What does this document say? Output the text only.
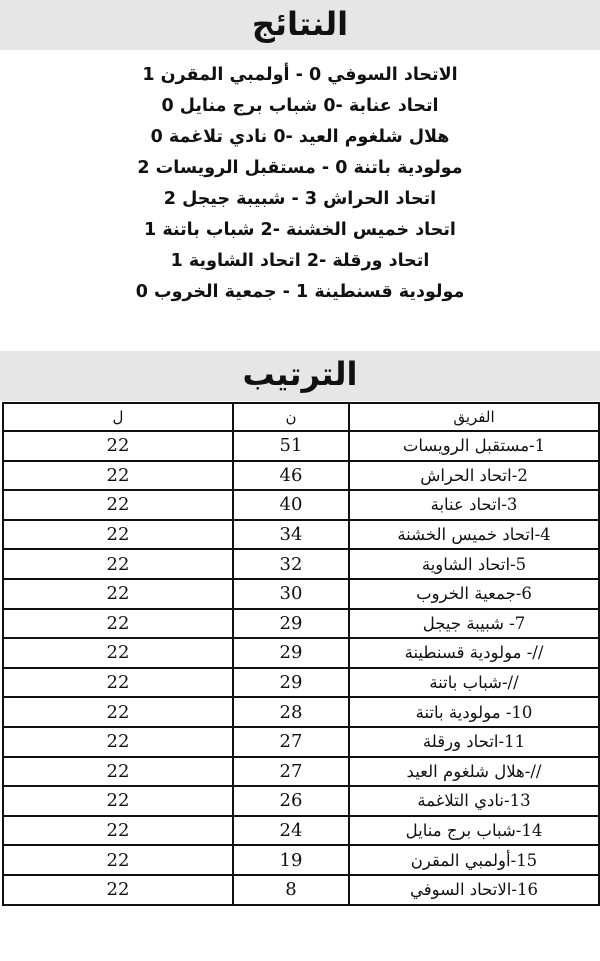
النتائج
الاتحاد السوفي 0 - أولمبي المقرن 1
اتحاد عنابة -0 شباب برج منايل 0
هلال شلغوم العيد -0 نادي تلاغمة 0
مولودية باتنة 0 - مستقبل الرويسات 2
اتحاد الحراش 3 - شبيبة جيجل 2
اتحاد خميس الخشنة -2 شباب باتنة 1
اتحاد ورقلة -2 اتحاد الشاوية 1
مولودية قسنطينة 1 - جمعية الخروب 0
الترتيب
ل	ن	الفريق
22	51	1-مستقبل الرويسات
22	46	2-اتحاد الحراش
22	40	3-اتحاد عنابة
22	34	4-اتحاد خميس الخشنة
22	32	5-اتحاد الشاوية
22	30	6-جمعية الخروب
22	29	7- شبيبة جيجل
22	29	//- مولودية قسنطينة
22	29	//-شباب باتنة
22	28	10- مولودية باتنة
22	27	11-اتحاد ورقلة
22	27	//-هلال شلغوم العيد
22	26	13-نادي التلاغمة
22	24	14-شباب برج منايل
22	19	15-أولمبي المقرن
22	8	16-الاتحاد السوفي
